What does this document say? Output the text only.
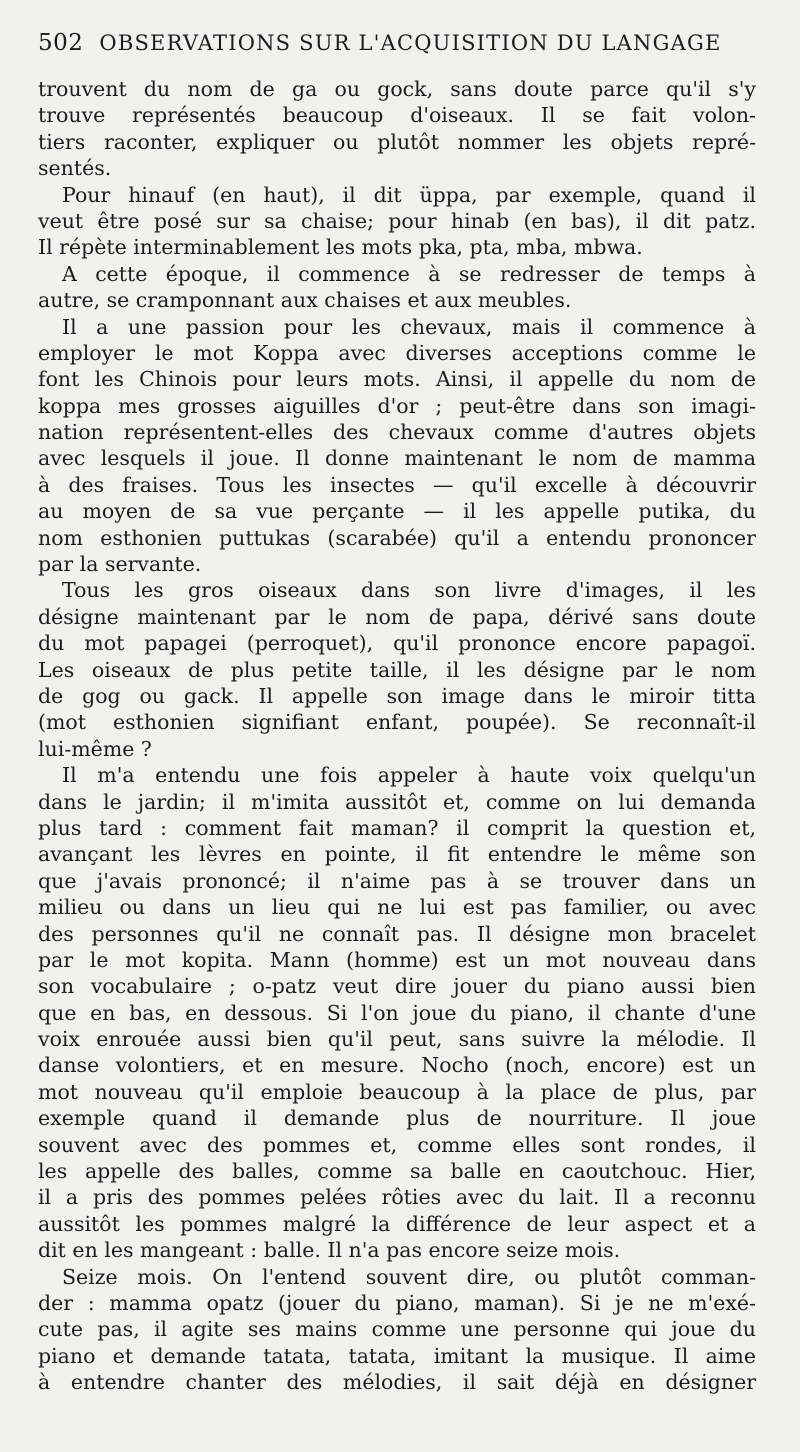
502 OBSERVATIONS SUR L'ACQUISITION DU LANGAGE
trouvent du nom de ga ou gock, sans doute parce qu'il s'y
trouve représentés beaucoup d'oiseaux. Il se fait volon-
tiers raconter, expliquer ou plutôt nommer les objets repré-
sentés.
Pour hinauf (en haut), il dit üppa, par exemple, quand il
veut être posé sur sa chaise; pour hinab (en bas), il dit patz.
Il répète interminablement les mots pka, pta, mba, mbwa.
A cette époque, il commence à se redresser de temps à
autre, se cramponnant aux chaises et aux meubles.
Il a une passion pour les chevaux, mais il commence à
employer le mot Koppa avec diverses acceptions comme le
font les Chinois pour leurs mots. Ainsi, il appelle du nom de
koppa mes grosses aiguilles d'or ; peut-être dans son imagi-
nation représentent-elles des chevaux comme d'autres objets
avec lesquels il joue. Il donne maintenant le nom de mamma
à des fraises. Tous les insectes — qu'il excelle à découvrir
au moyen de sa vue perçante — il les appelle putika, du
nom esthonien puttukas (scarabée) qu'il a entendu prononcer
par la servante.
Tous les gros oiseaux dans son livre d'images, il les
désigne maintenant par le nom de papa, dérivé sans doute
du mot papagei (perroquet), qu'il prononce encore papagoï.
Les oiseaux de plus petite taille, il les désigne par le nom
de gog ou gack. Il appelle son image dans le miroir titta
(mot esthonien signifiant enfant, poupée). Se reconnaît-il
lui-même ?
Il m'a entendu une fois appeler à haute voix quelqu'un
dans le jardin; il m'imita aussitôt et, comme on lui demanda
plus tard : comment fait maman? il comprit la question et,
avançant les lèvres en pointe, il fit entendre le même son
que j'avais prononcé; il n'aime pas à se trouver dans un
milieu ou dans un lieu qui ne lui est pas familier, ou avec
des personnes qu'il ne connaît pas. Il désigne mon bracelet
par le mot kopita. Mann (homme) est un mot nouveau dans
son vocabulaire ; o-patz veut dire jouer du piano aussi bien
que en bas, en dessous. Si l'on joue du piano, il chante d'une
voix enrouée aussi bien qu'il peut, sans suivre la mélodie. Il
danse volontiers, et en mesure. Nocho (noch, encore) est un
mot nouveau qu'il emploie beaucoup à la place de plus, par
exemple quand il demande plus de nourriture. Il joue
souvent avec des pommes et, comme elles sont rondes, il
les appelle des balles, comme sa balle en caoutchouc. Hier,
il a pris des pommes pelées rôties avec du lait. Il a reconnu
aussitôt les pommes malgré la différence de leur aspect et a
dit en les mangeant : balle. Il n'a pas encore seize mois.
Seize mois. On l'entend souvent dire, ou plutôt comman-
der : mamma opatz (jouer du piano, maman). Si je ne m'exé-
cute pas, il agite ses mains comme une personne qui joue du
piano et demande tatata, tatata, imitant la musique. Il aime
à entendre chanter des mélodies, il sait déjà en désigner
